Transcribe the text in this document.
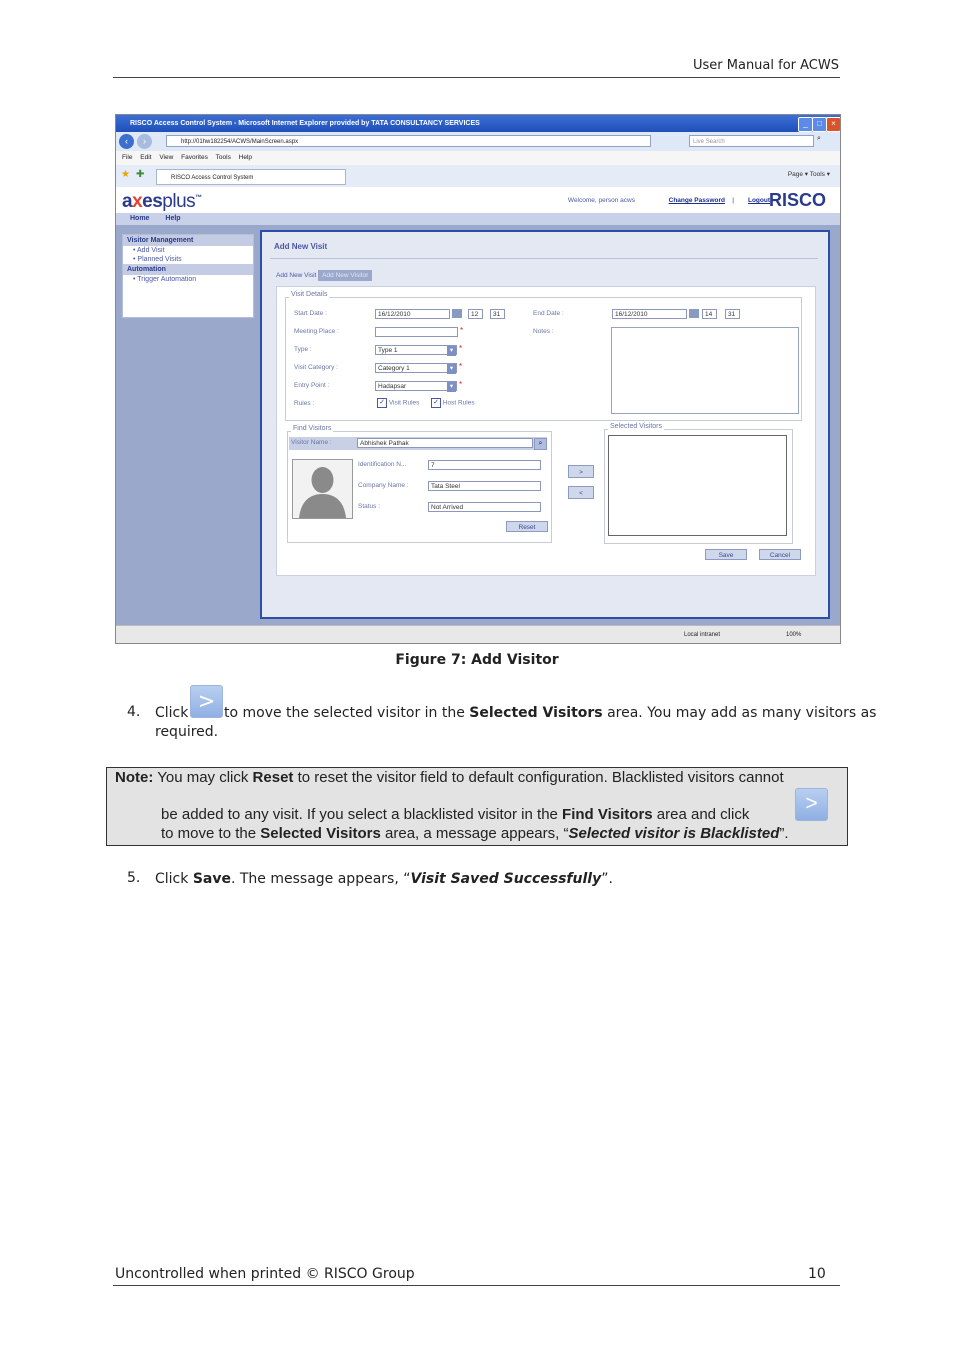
User Manual for ACWS
RISCO Access Control System - Microsoft Internet Explorer provided by TATA CONSULTANCY SERVICES	_	□	×
‹	›	http://01hw182254/ACWS/MainScreen.aspx	Live Search	⌕
File Edit View Favorites Tools Help
★ ✚	RISCO Access Control System	Page ▾ Tools ▾
axesplus™	Welcome, person acws	Change Password | Logout
RISCO
Home Help
Visitor Management
• Add Visit
• Planned Visits
Automation
• Trigger Automation
Add New Visit
Add New Visit Add New Visitor
Visit Details
Start Date :	16/12/2010	12	31	End Date :	16/12/2010	14	31
Meeting Place :	*	Notes :
Type :	Type 1	▾ *
Visit Category :	Category 1	▾ *
Entry Point :	Hadapsar	▾ *
Rules :	✓ Visit Rules ✓ Host Rules
Find Visitors
Visitor Name :	Abhishek Pathak	⌕
Identification N...	7
Company Name :	Tata Steel
Status :	Not Arrived
Reset
>
<
Selected Visitors
Save	Cancel
Local intranet	100%
Figure 7: Add Visitor
4. Click > to move the selected visitor in the Selected Visitors area. You may add as many visitors as
required.
Note: You may click Reset to reset the visitor field to default configuration. Blacklisted visitors cannot
be added to any visit. If you select a blacklisted visitor in the Find Visitors area and click	>
to move to the Selected Visitors area, a message appears, “Selected visitor is Blacklisted”.
5. Click Save. The message appears, “Visit Saved Successfully”.
Uncontrolled when printed © RISCO Group	10
